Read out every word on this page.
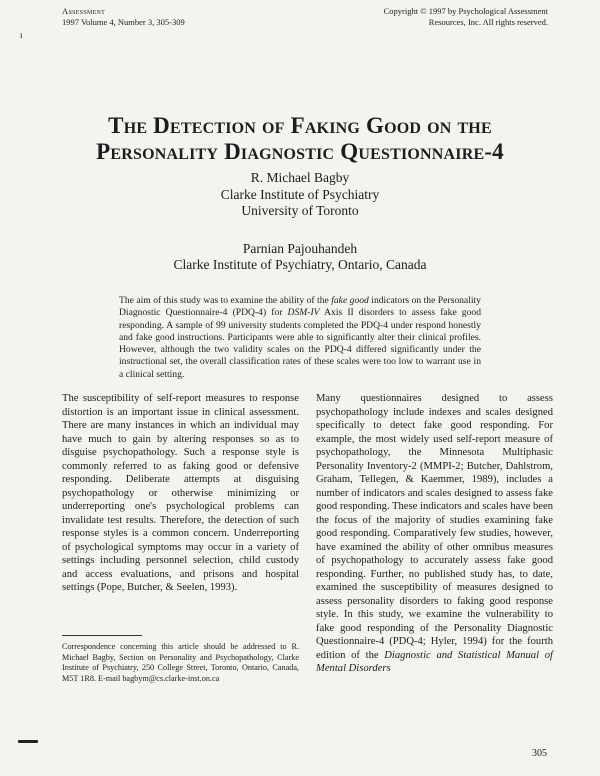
Assessment
1997 Volume 4, Number 3, 305-309
Copyright © 1997 by Psychological Assessment
Resources, Inc. All rights reserved.
ı
The Detection of Faking Good on the
Personality Diagnostic Questionnaire-4

R. Michael Bagby

Clarke Institute of Psychiatry

University of Toronto

Parnian Pajouhandeh

Clarke Institute of Psychiatry, Ontario, Canada

The aim of this study was to examine the ability of the fake good indicators on the Personality Diagnostic Questionnaire-4 (PDQ-4) for DSM-IV Axis II disorders to assess fake good responding. A sample of 99 university students completed the PDQ-4 under respond honestly and fake good instructions. Participants were able to significantly alter their clinical profiles. However, although the two validity scales on the PDQ-4 differed significantly under the instructional set, the overall classification rates of these scales were too low to warrant use in a clinical setting.

The susceptibility of self-report measures to response distortion is an important issue in clinical assessment. There are many instances in which an individual may have much to gain by altering responses so as to disguise psychopathology. Such a response style is commonly referred to as faking good or defensive responding. Deliberate attempts at disguising psychopathology or otherwise minimizing or underreporting one's psychological problems can invalidate test results. Therefore, the detection of such response styles is a common concern. Underreporting of psychological symptoms may occur in a variety of settings including personnel selection, child custody and access evaluations, and prisons and hospital settings (Pope, Butcher, & Seelen, 1993).

Many questionnaires designed to assess psychopathology include indexes and scales designed specifically to detect fake good responding. For example, the most widely used self-report measure of psychopathology, the Minnesota Multiphasic Personality Inventory-2 (MMPI-2; Butcher, Dahlstrom, Graham, Tellegen, & Kaemmer, 1989), includes a number of indicators and scales designed to assess fake good responding. These indicators and scales have been the focus of the majority of studies examining fake good responding. Comparatively few studies, however, have examined the ability of other omnibus measures of psychopathology to accurately assess fake good responding. Further, no published study has, to date, examined the susceptibility of measures designed to assess personality disorders to faking good response style. In this study, we examine the vulnerability to fake good responding of the Personality Diagnostic Questionnaire-4 (PDQ-4; Hyler, 1994) for the fourth edition of the Diagnostic and Statistical Manual of Mental Disorders

Correspondence concerning this article should be addressed to R. Michael Bagby, Section on Personality and Psychopathology, Clarke Institute of Psychiatry, 250 College Street, Toronto, Ontario, Canada, M5T 1R8. E-mail bagbym@cs.clarke-inst.on.ca
305
